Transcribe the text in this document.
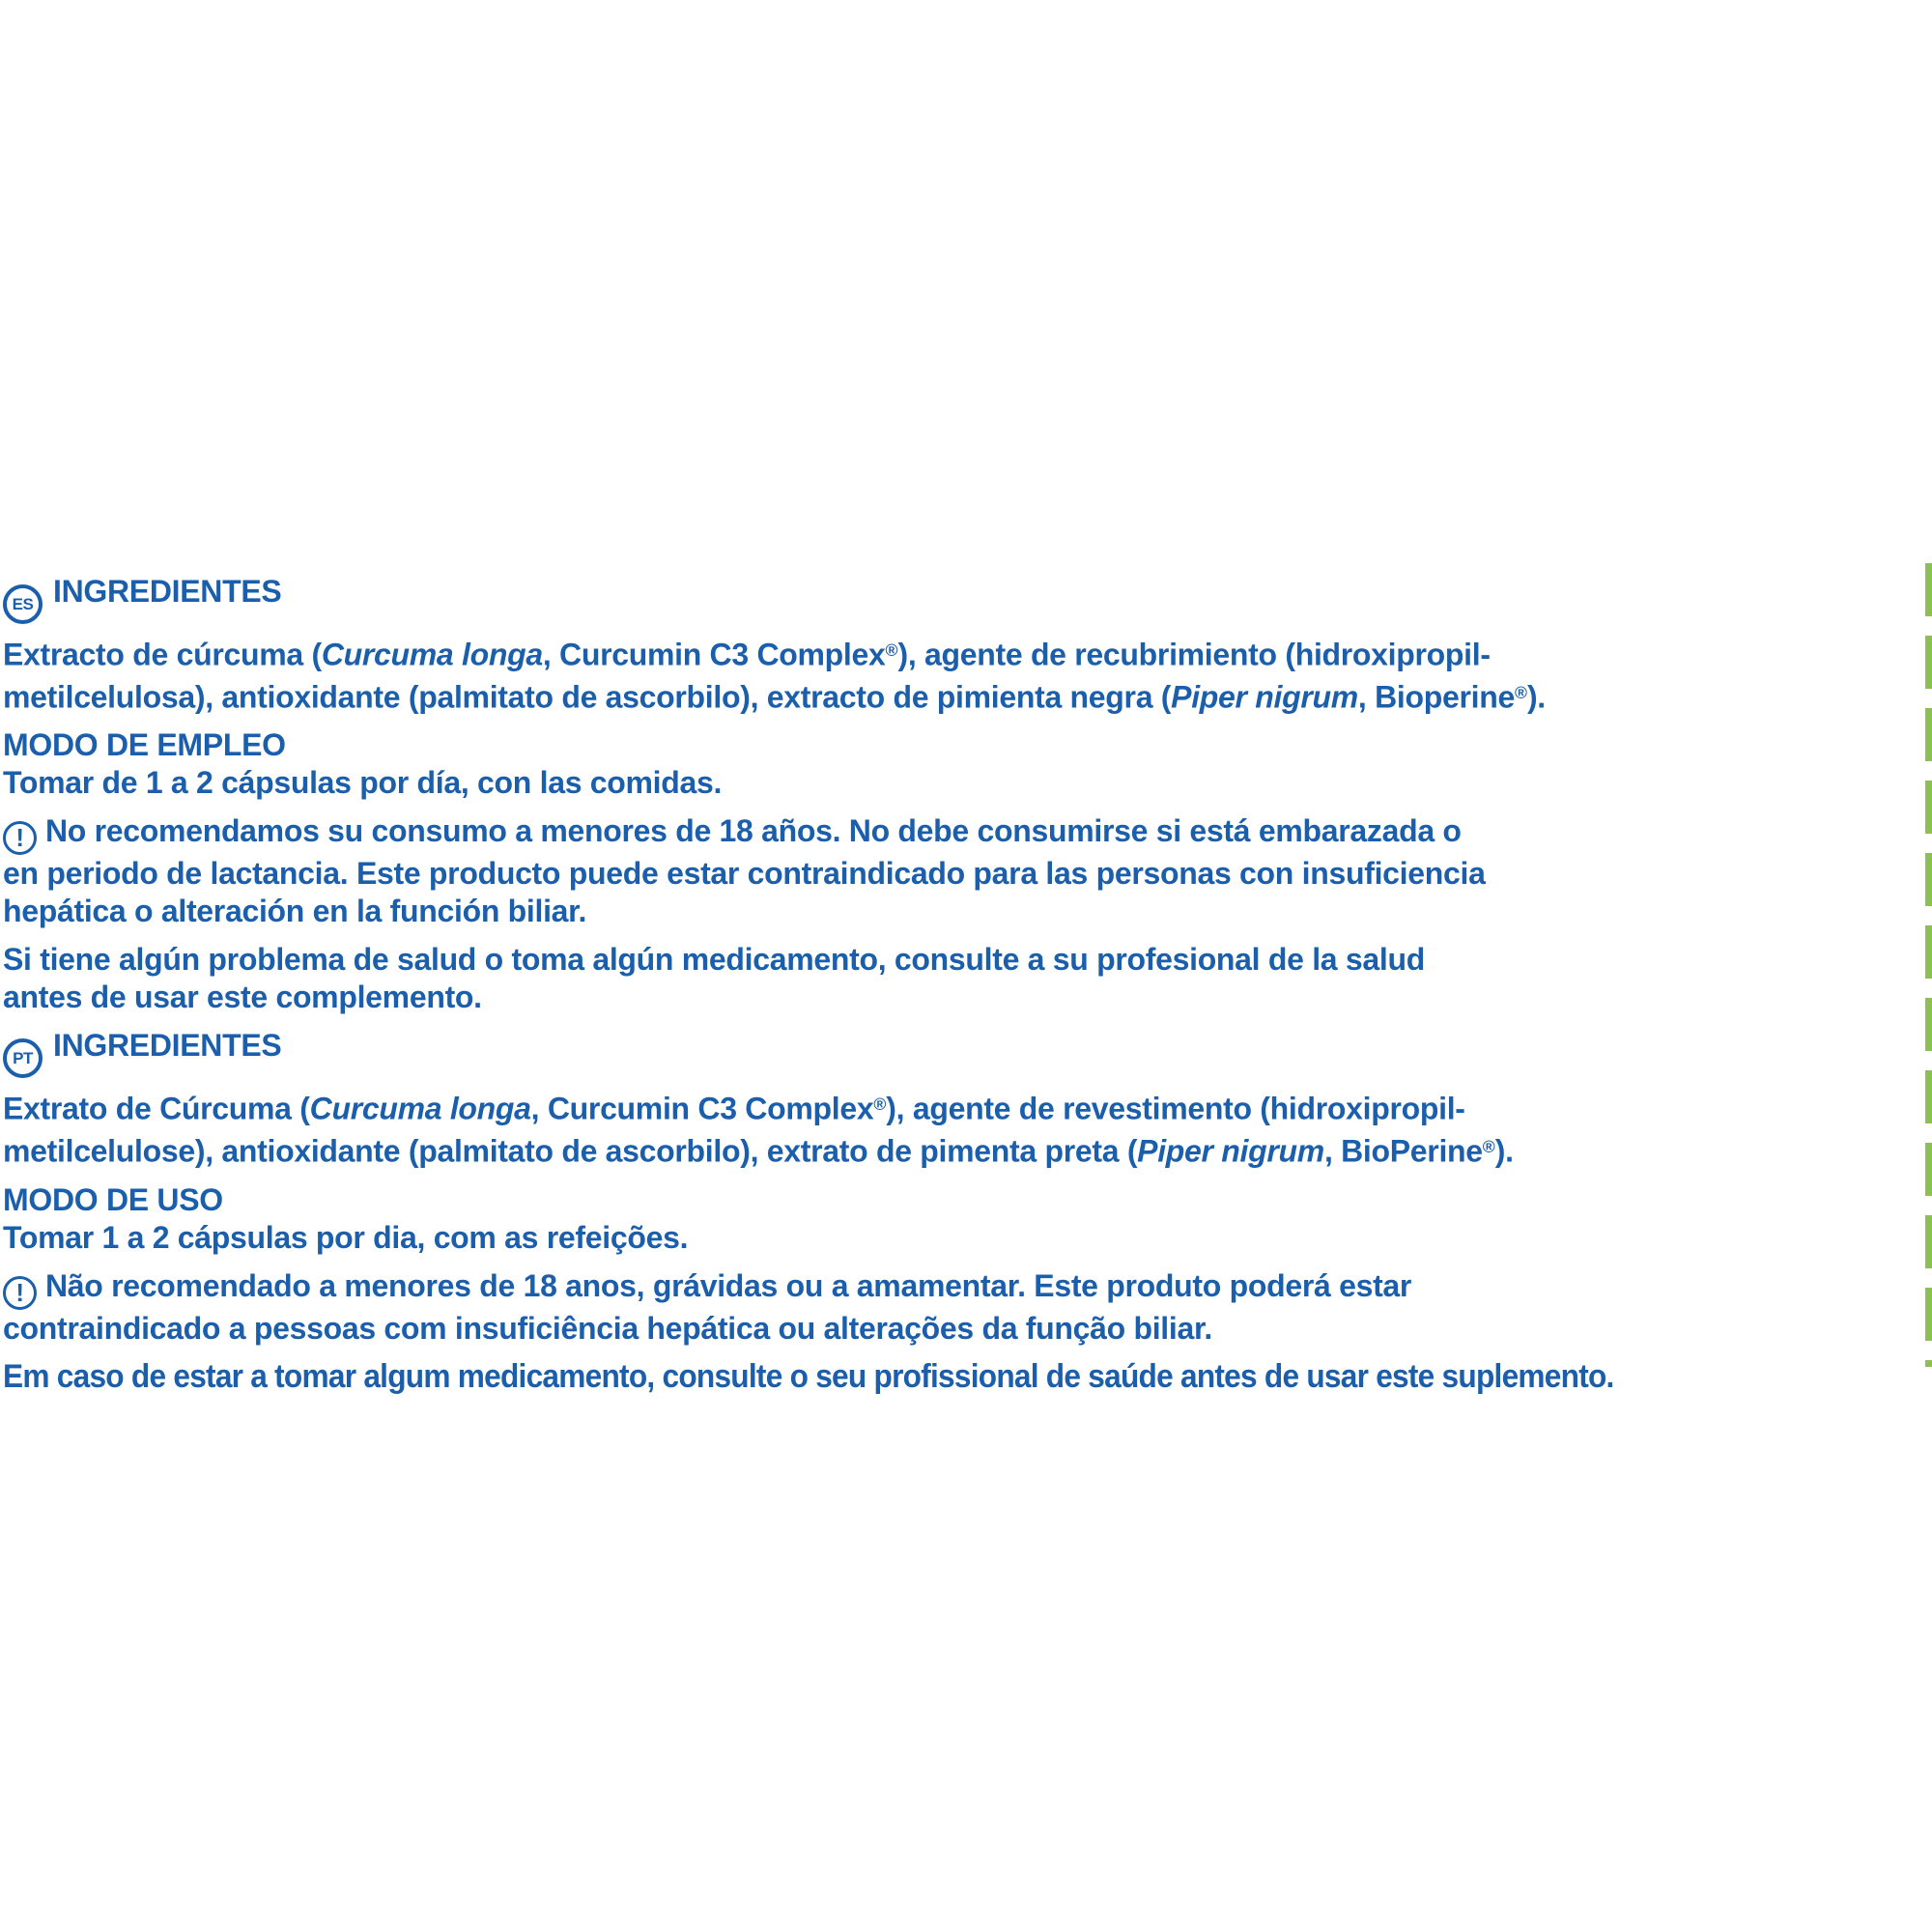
ES INGREDIENTES
Extracto de cúrcuma (Curcuma longa, Curcumin C3 Complex®), agente de recubrimiento (hidroxipropil-
metilcelulosa), antioxidante (palmitato de ascorbilo), extracto de pimienta negra (Piper nigrum, Bioperine®).
MODO DE EMPLEO
Tomar de 1 a 2 cápsulas por día, con las comidas.
! No recomendamos su consumo a menores de 18 años. No debe consumirse si está embarazada o
en periodo de lactancia. Este producto puede estar contraindicado para las personas con insuficiencia
hepática o alteración en la función biliar.
Si tiene algún problema de salud o toma algún medicamento, consulte a su profesional de la salud
antes de usar este complemento.
PT INGREDIENTES
Extrato de Cúrcuma (Curcuma longa, Curcumin C3 Complex®), agente de revestimento (hidroxipropil-
metilcelulose), antioxidante (palmitato de ascorbilo), extrato de pimenta preta (Piper nigrum, BioPerine®).
MODO DE USO
Tomar 1 a 2 cápsulas por dia, com as refeições.
! Não recomendado a menores de 18 anos, grávidas ou a amamentar. Este produto poderá estar
contraindicado a pessoas com insuficiência hepática ou alterações da função biliar.
Em caso de estar a tomar algum medicamento, consulte o seu profissional de saúde antes de usar este suplemento.
